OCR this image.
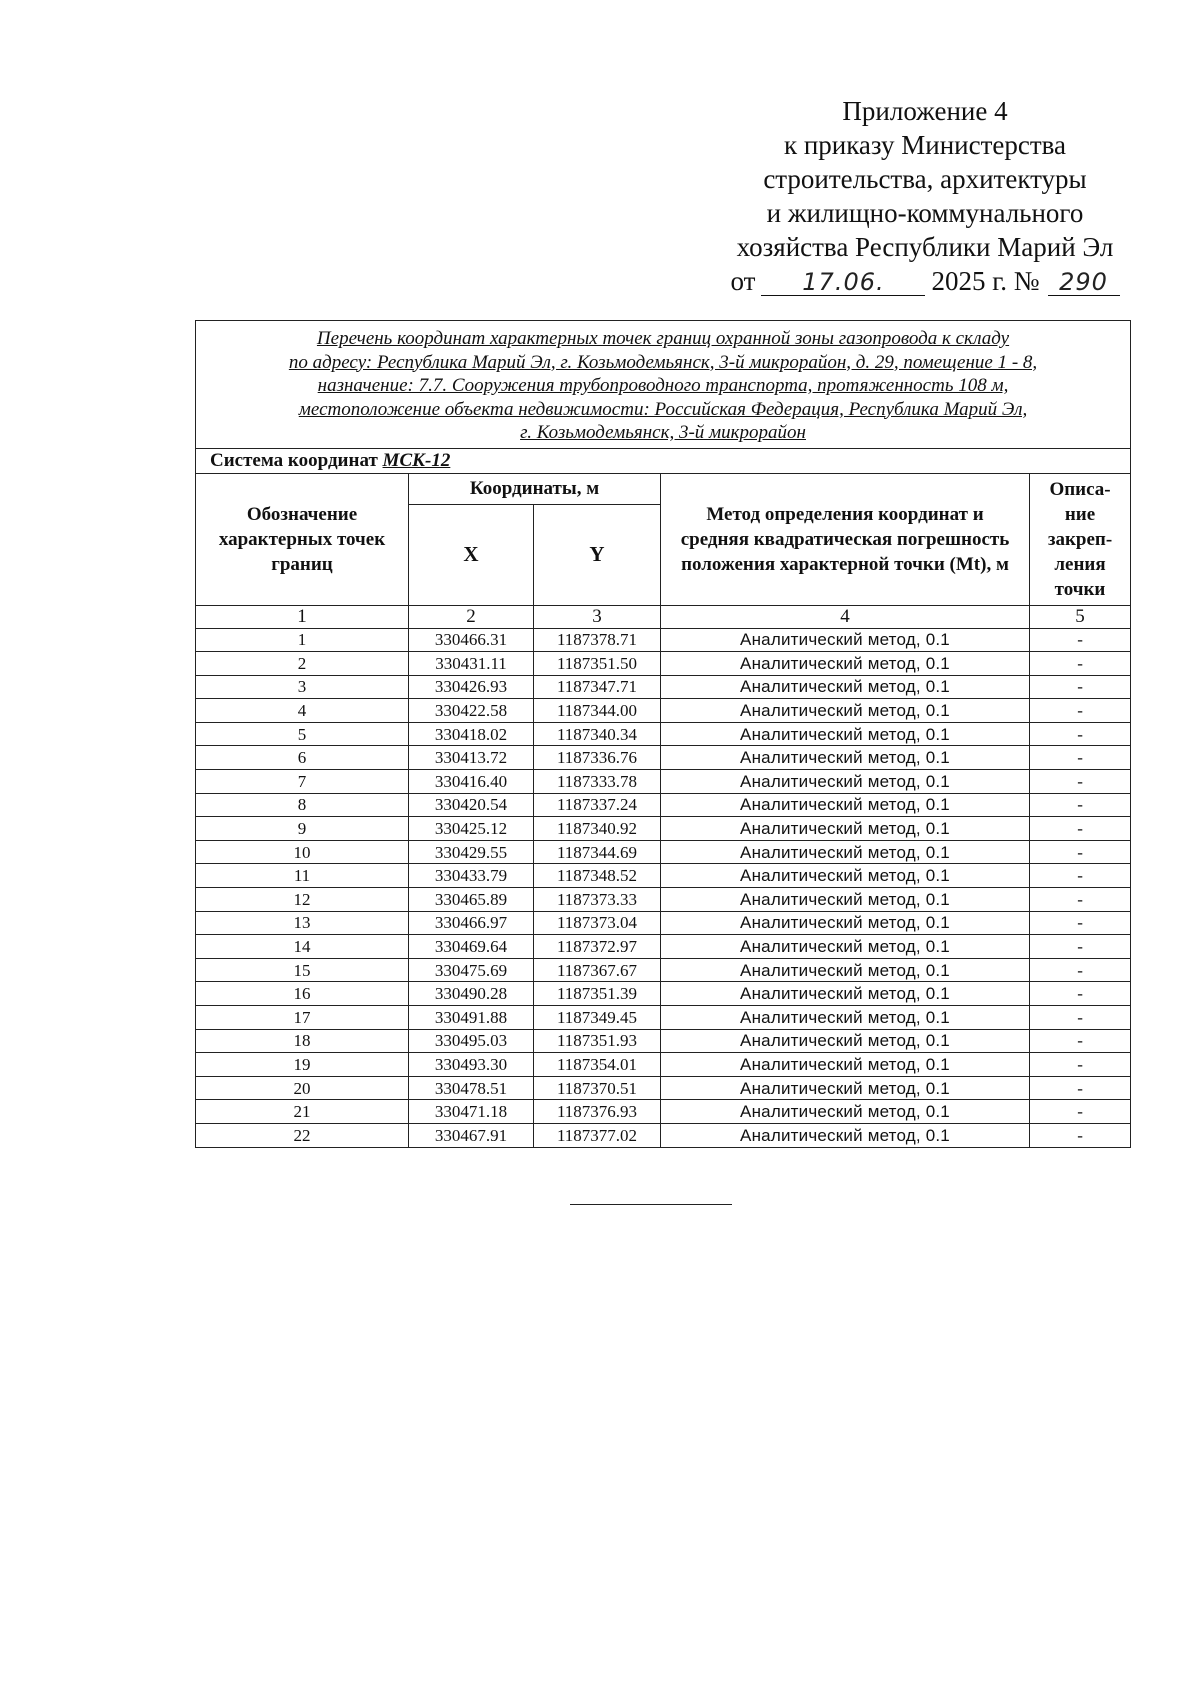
Приложение 4
к приказу Министерства
строительства, архитектуры
и жилищно-коммунального
хозяйства Республики Марий Эл
от 17.06. 2025 г. № 290
Перечень координат характерных точек границ охранной зоны газопровода к складу
по адресу: Республика Марий Эл, г. Козьмодемьянск, 3-й микрорайон, д. 29, помещение 1 - 8,
назначение: 7.7. Сооружения трубопроводного транспорта, протяженность 108 м,
местоположение объекта недвижимости: Российская Федерация, Республика Марий Эл,
г. Козьмодемьянск, 3-й микрорайон				

Система координат МСК-12				
Обозначение характерных точек границ	Координаты, м		Метод определения координат и средняя квадратическая погрешность положения характерной точки (Mt), м	Описа-ние закреп-ления точки
	X	Y		
1	2	3	4	5
1	330466.31	1187378.71	Аналитический метод, 0.1	-
2	330431.11	1187351.50	Аналитический метод, 0.1	-
3	330426.93	1187347.71	Аналитический метод, 0.1	-
4	330422.58	1187344.00	Аналитический метод, 0.1	-
5	330418.02	1187340.34	Аналитический метод, 0.1	-
6	330413.72	1187336.76	Аналитический метод, 0.1	-
7	330416.40	1187333.78	Аналитический метод, 0.1	-
8	330420.54	1187337.24	Аналитический метод, 0.1	-
9	330425.12	1187340.92	Аналитический метод, 0.1	-
10	330429.55	1187344.69	Аналитический метод, 0.1	-
11	330433.79	1187348.52	Аналитический метод, 0.1	-
12	330465.89	1187373.33	Аналитический метод, 0.1	-
13	330466.97	1187373.04	Аналитический метод, 0.1	-
14	330469.64	1187372.97	Аналитический метод, 0.1	-
15	330475.69	1187367.67	Аналитический метод, 0.1	-
16	330490.28	1187351.39	Аналитический метод, 0.1	-
17	330491.88	1187349.45	Аналитический метод, 0.1	-
18	330495.03	1187351.93	Аналитический метод, 0.1	-
19	330493.30	1187354.01	Аналитический метод, 0.1	-
20	330478.51	1187370.51	Аналитический метод, 0.1	-
21	330471.18	1187376.93	Аналитический метод, 0.1	-
22	330467.91	1187377.02	Аналитический метод, 0.1	-
